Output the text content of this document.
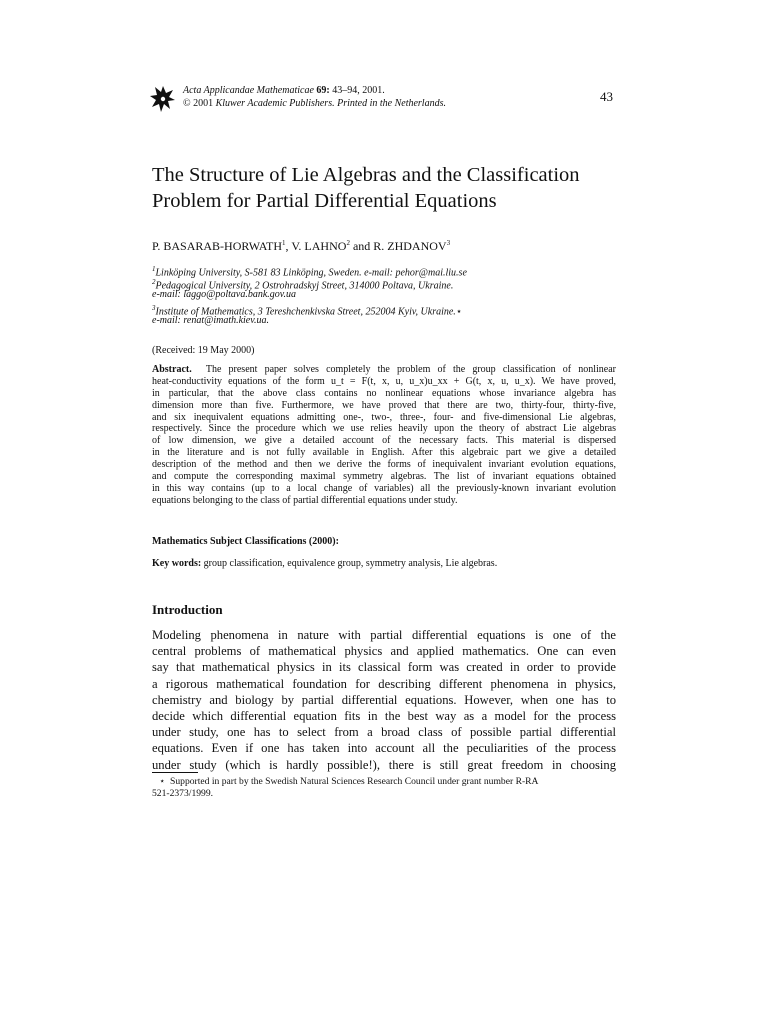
Acta Applicandae Mathematicae 69: 43–94, 2001.
© 2001 Kluwer Academic Publishers. Printed in the Netherlands.	43
The Structure of Lie Algebras and the Classification
Problem for Partial Differential Equations
P. BASARAB-HORWATH$^1$, V. LAHNO$^2$ and R. ZHDANOV$^3$
$^1$Linköping University, S-581 83 Linköping, Sweden. e-mail: pehor@mai.liu.se
$^2$Pedagogical University, 2 Ostrohradskyj Street, 314000 Poltava, Ukraine.
e-mail: laggo@poltava.bank.gov.ua
$^3$Institute of Mathematics, 3 Tereshchenkivska Street, 252004 Kyiv, Ukraine.⋆
e-mail: renat@imath.kiev.ua.
(Received: 19 May 2000)
Abstract. The present paper solves completely the problem of the group classification of nonlinear
heat-conductivity equations of the form u_t = F(t, x, u, u_x)u_xx + G(t, x, u, u_x). We have proved,
in particular, that the above class contains no nonlinear equations whose invariance algebra has
dimension more than five. Furthermore, we have proved that there are two, thirty-four, thirty-five,
and six inequivalent equations admitting one-, two-, three-, four- and five-dimensional Lie algebras,
respectively. Since the procedure which we use relies heavily upon the theory of abstract Lie algebras
of low dimension, we give a detailed account of the necessary facts. This material is dispersed
in the literature and is not fully available in English. After this algebraic part we give a detailed
description of the method and then we derive the forms of inequivalent invariant evolution equations,
and compute the corresponding maximal symmetry algebras. The list of invariant equations obtained
in this way contains (up to a local change of variables) all the previously-known invariant evolution
equations belonging to the class of partial differential equations under study.
Mathematics Subject Classifications (2000):
Key words: group classification, equivalence group, symmetry analysis, Lie algebras.
Introduction
Modeling phenomena in nature with partial differential equations is one of the
central problems of mathematical physics and applied mathematics. One can even
say that mathematical physics in its classical form was created in order to provide
a rigorous mathematical foundation for describing different phenomena in physics,
chemistry and biology by partial differential equations. However, when one has to
decide which differential equation fits in the best way as a model for the process
under study, one has to select from a broad class of possible partial differential
equations. Even if one has taken into account all the peculiarities of the process
under study (which is hardly possible!), there is still great freedom in choosing
⋆ Supported in part by the Swedish Natural Sciences Research Council under grant number R-RA
521-2373/1999.
